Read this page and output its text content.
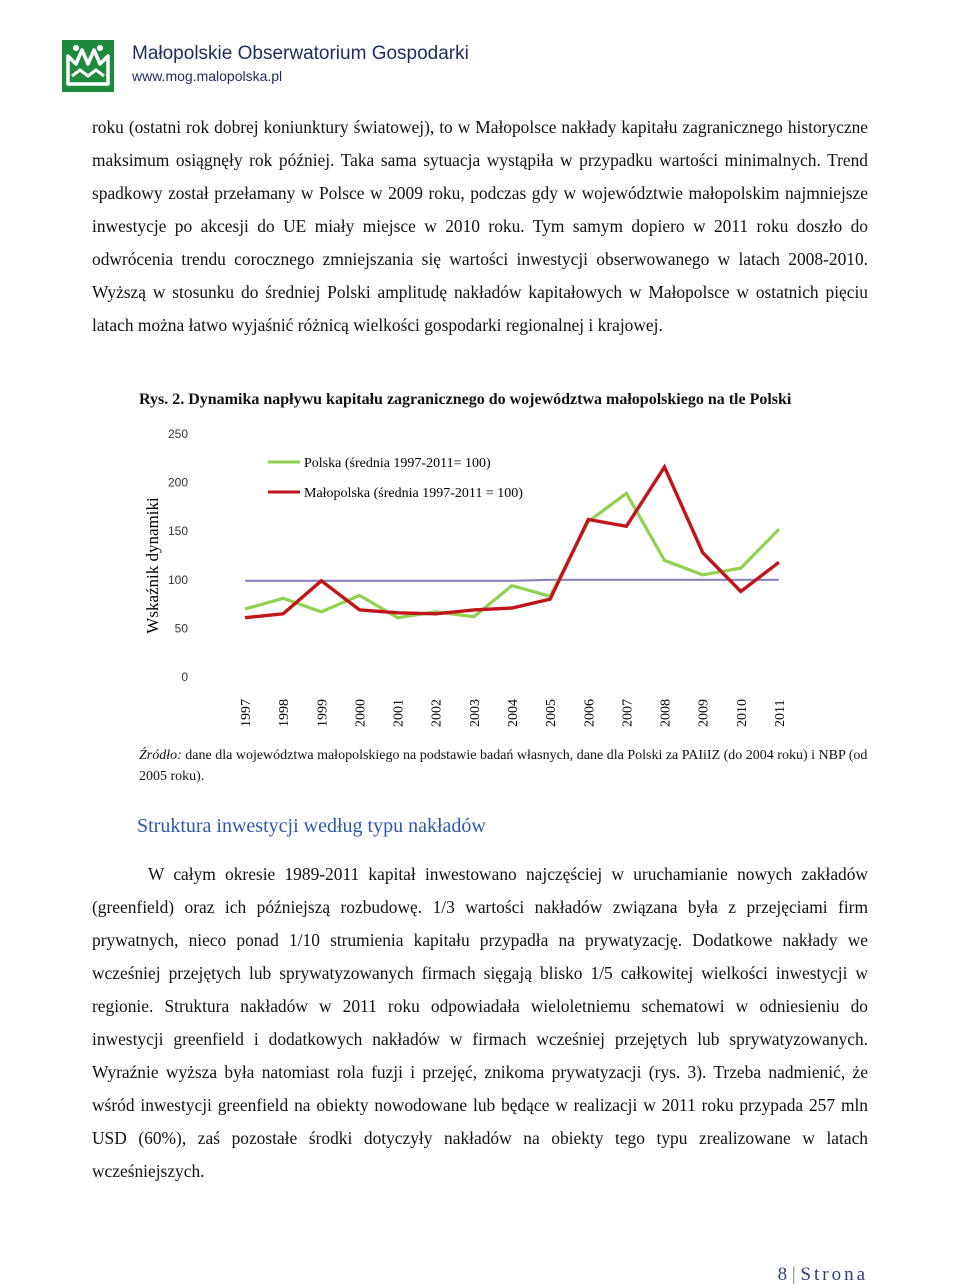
Małopolskie Obserwatorium Gospodarki
www.mog.malopolska.pl

roku (ostatni rok dobrej koniunktury światowej), to w Małopolsce nakłady kapitału zagranicznego historyczne maksimum osiągnęły rok później. Taka sama sytuacja wystąpiła w przypadku wartości minimalnych. Trend spadkowy został przełamany w Polsce w 2009 roku, podczas gdy w województwie małopolskim najmniejsze inwestycje po akcesji do UE miały miejsce w 2010 roku. Tym samym dopiero w 2011 roku doszło do odwrócenia trendu corocznego zmniejszania się wartości inwestycji obserwowanego w latach 2008-2010. Wyższą w stosunku do średniej Polski amplitudę nakładów kapitałowych w Małopolsce w ostatnich pięciu latach można łatwo wyjaśnić różnicą wielkości gospodarki regionalnej i krajowej.

Rys. 2. Dynamika napływu kapitału zagranicznego do województwa małopolskiego na tle Polski
Wskaźnik dynamiki
0
50
100
150
200
250
1997 1998 1999 2000 2001 2002 2003 2004 2005 2006 2007 2008 2009 2010 2011
Polska (średnia 1997-2011= 100)
Małopolska (średnia 1997-2011 = 100)

Źródło: dane dla województwa małopolskiego na podstawie badań własnych, dane dla Polski za PAIiIZ (do 2004 roku) i NBP (od 2005 roku).

Struktura inwestycji według typu nakładów

W całym okresie 1989-2011 kapitał inwestowano najczęściej w uruchamianie nowych zakładów (greenfield) oraz ich późniejszą rozbudowę. 1/3 wartości nakładów związana była z przejęciami firm prywatnych, nieco ponad 1/10 strumienia kapitału przypadła na prywatyzację. Dodatkowe nakłady we wcześniej przejętych lub sprywatyzowanych firmach sięgają blisko 1/5 całkowitej wielkości inwestycji w regionie. Struktura nakładów w 2011 roku odpowiadała wieloletniemu schematowi w odniesieniu do inwestycji greenfield i dodatkowych nakładów w firmach wcześniej przejętych lub sprywatyzowanych. Wyraźnie wyższa była natomiast rola fuzji i przejęć, znikoma prywatyzacji (rys. 3). Trzeba nadmienić, że wśród inwestycji greenfield na obiekty nowodowane lub będące w realizacji w 2011 roku przypada 257 mln USD (60%), zaś pozostałe środki dotyczyły nakładów na obiekty tego typu zrealizowane w latach wcześniejszych.

8 | Strona
